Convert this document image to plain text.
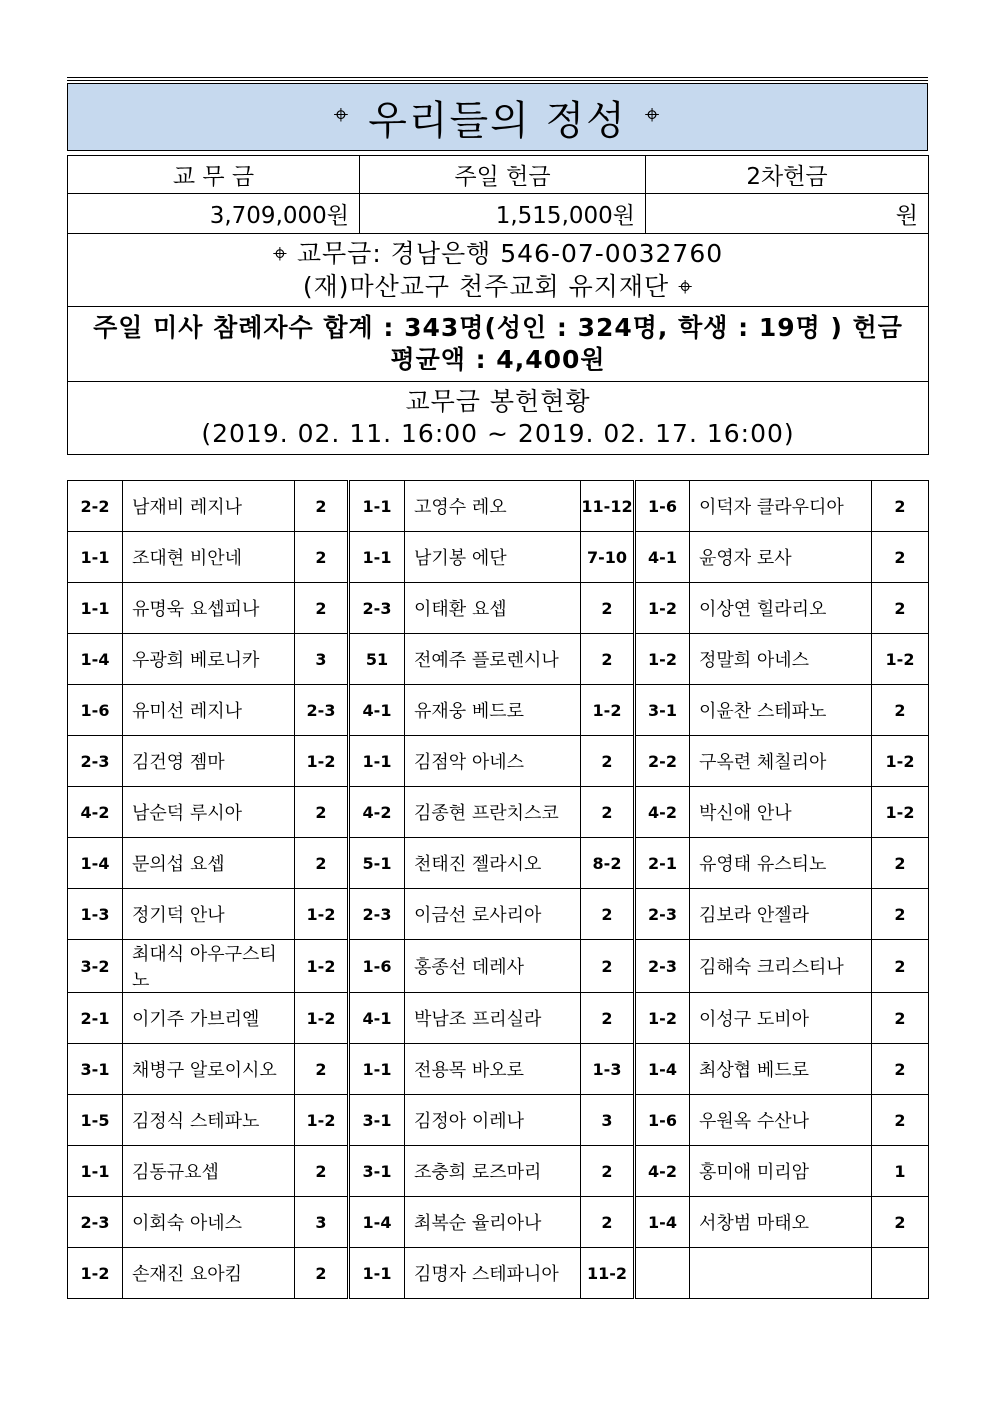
⌖ 우리들의 정성 ⌖
교 무 금	주일 헌금	2차헌금
3,709,000원	1,515,000원	원

⌖ 교무금: 경남은행 546-07-0032760
(재)마산교구 천주교회 유지재단 ⌖		

주일 미사 참례자수 합계 : 343명(성인 : 324명, 학생 : 19명 ) 헌금 평균액 : 4,400원		

교무금 봉헌현황
(2019. 02. 11. 16:00 ~ 2019. 02. 17. 16:00)		
2-2	남재비 레지나	2	1-1	고영수 레오	11-12	1-6	이덕자 클라우디아	2
1-1	조대현 비안네	2	1-1	남기봉 에단	7-10	4-1	윤영자 로사	2
1-1	유명욱 요셉피나	2	2-3	이태환 요셉	2	1-2	이상연 힐라리오	2
1-4	우광희 베로니카	3	51	전예주 플로렌시나	2	1-2	정말희 아네스	1-2
1-6	유미선 레지나	2-3	4-1	유재웅 베드로	1-2	3-1	이윤찬 스테파노	2
2-3	김건영 젬마	1-2	1-1	김점악 아네스	2	2-2	구옥련 체칠리아	1-2
4-2	남순덕 루시아	2	4-2	김종현 프란치스코	2	4-2	박신애 안나	1-2
1-4	문의섭 요셉	2	5-1	천태진 젤라시오	8-2	2-1	유영태 유스티노	2
1-3	정기덕 안나	1-2	2-3	이금선 로사리아	2	2-3	김보라 안젤라	2
3-2	최대식 아우구스티노	1-2	1-6	홍종선 데레사	2	2-3	김해숙 크리스티나	2
2-1	이기주 가브리엘	1-2	4-1	박남조 프리실라	2	1-2	이성구 도비아	2
3-1	채병구 알로이시오	2	1-1	전용목 바오로	1-3	1-4	최상협 베드로	2
1-5	김정식 스테파노	1-2	3-1	김정아 이레나	3	1-6	우원옥 수산나	2
1-1	김동규요셉	2	3-1	조충희 로즈마리	2	4-2	홍미애 미리암	1
2-3	이회숙 아네스	3	1-4	최복순 율리아나	2	1-4	서창범 마태오	2
1-2	손재진 요아킴	2	1-1	김명자 스테파니아	11-2			
